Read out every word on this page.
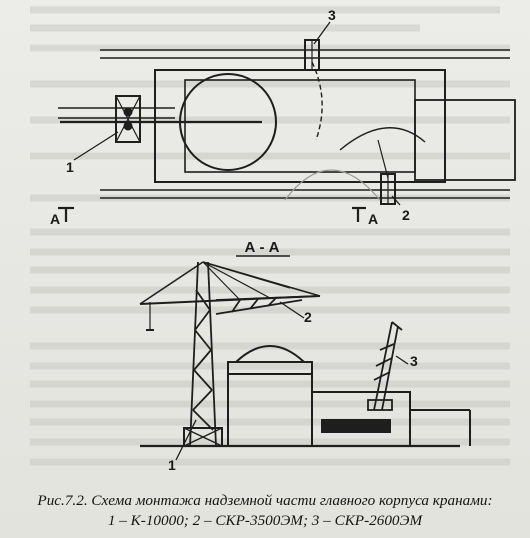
3
1
2
А	А
А - А
1
2
3
Рис.7.2. Схема монтажа надземной части главного корпуса кранами:
1 – К-10000; 2 – СКР-3500ЭМ; 3 – СКР-2600ЭМ
